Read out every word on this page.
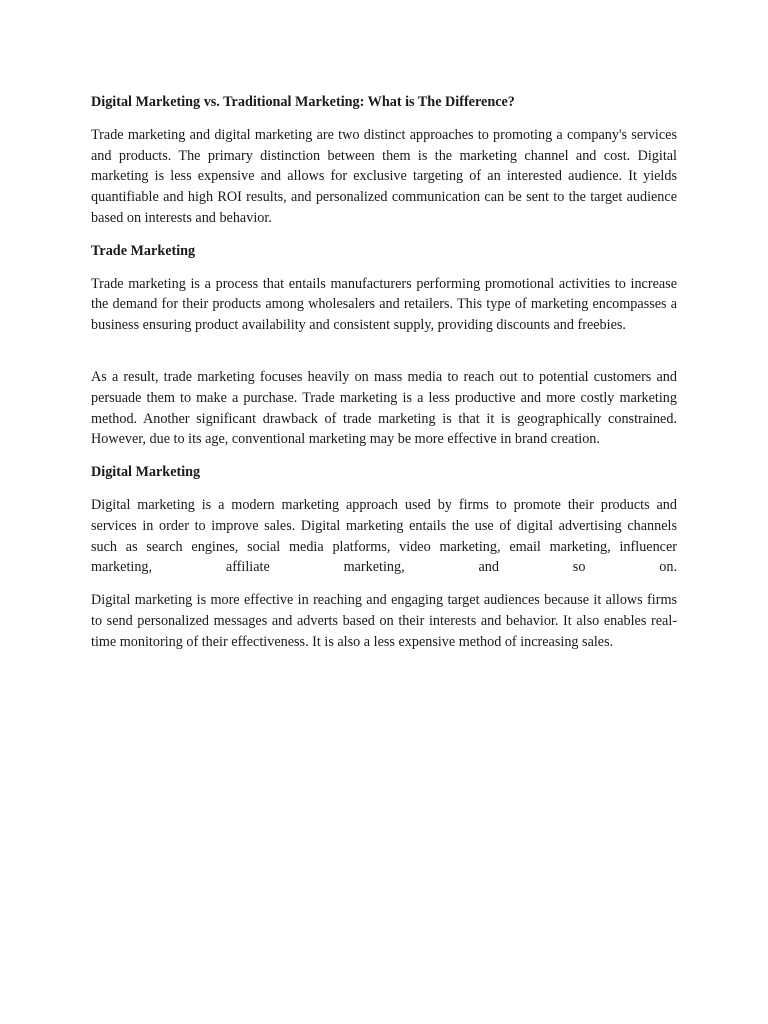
Digital Marketing vs. Traditional Marketing: What is The Difference?

Trade marketing and digital marketing are two distinct approaches to promoting a company's services and products. The primary distinction between them is the marketing channel and cost. Digital marketing is less expensive and allows for exclusive targeting of an interested audience. It yields quantifiable and high ROI results, and personalized communication can be sent to the target audience based on interests and behavior.

Trade Marketing

Trade marketing is a process that entails manufacturers performing promotional activities to increase the demand for their products among wholesalers and retailers. This type of marketing encompasses a business ensuring product availability and consistent supply, providing discounts and freebies.

As a result, trade marketing focuses heavily on mass media to reach out to potential customers and persuade them to make a purchase. Trade marketing is a less productive and more costly marketing method. Another significant drawback of trade marketing is that it is geographically constrained. However, due to its age, conventional marketing may be more effective in brand creation.

Digital Marketing

Digital marketing is a modern marketing approach used by firms to promote their products and services in order to improve sales. Digital marketing entails the use of digital advertising channels such as search engines, social media platforms, video marketing, email marketing, influencer marketing, affiliate marketing, and so on.

Digital marketing is more effective in reaching and engaging target audiences because it allows firms to send personalized messages and adverts based on their interests and behavior. It also enables real-time monitoring of their effectiveness. It is also a less expensive method of increasing sales.
